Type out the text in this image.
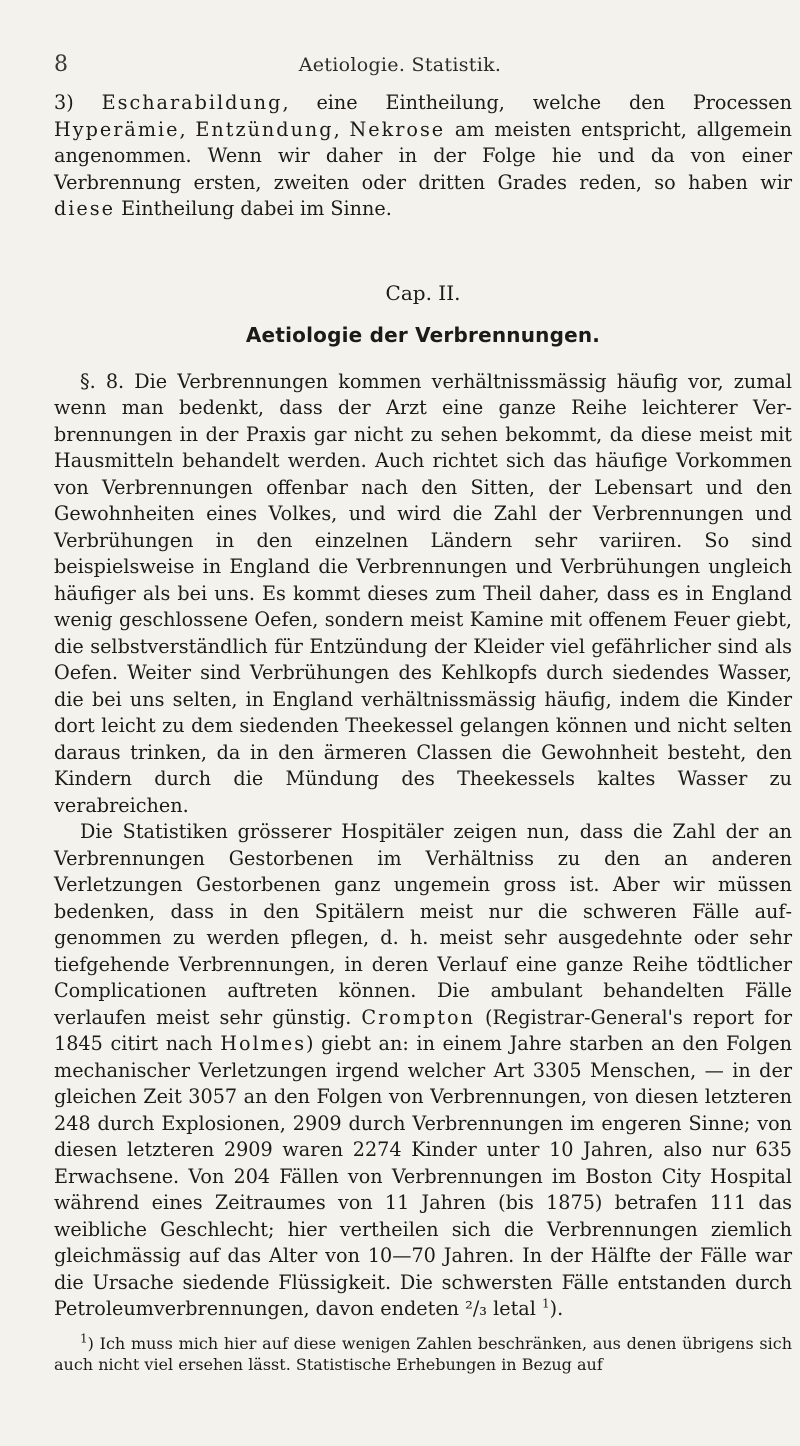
8	Aetiologie. Statistik.

3) Escharabildung, eine Eintheilung, welche den Processen Hyperämie, Entzündung, Nekrose am meisten entspricht, allgemein angenommen. Wenn wir daher in der Folge hie und da von einer Verbrennung ersten, zweiten oder dritten Grades reden, so haben wir diese Eintheilung dabei im Sinne.

Cap. II.
Aetiologie der Verbrennungen.

§. 8. Die Verbrennungen kommen verhältnissmässig häufig vor, zumal wenn man bedenkt, dass der Arzt eine ganze Reihe leichterer Verbrennungen in der Praxis gar nicht zu sehen bekommt, da diese meist mit Hausmitteln behandelt werden. Auch richtet sich das häufige Vorkommen von Verbrennungen offenbar nach den Sitten, der Lebensart und den Gewohnheiten eines Volkes, und wird die Zahl der Verbrennungen und Verbrühungen in den einzelnen Ländern sehr variiren. So sind beispielsweise in England die Verbrennungen und Verbrühungen ungleich häufiger als bei uns. Es kommt dieses zum Theil daher, dass es in England wenig geschlossene Oefen, sondern meist Kamine mit offenem Feuer giebt, die selbstverständlich für Entzündung der Kleider viel gefährlicher sind als Oefen. Weiter sind Verbrühungen des Kehlkopfs durch siedendes Wasser, die bei uns selten, in England verhältnissmässig häufig, indem die Kinder dort leicht zu dem siedenden Theekessel gelangen können und nicht selten daraus trinken, da in den ärmeren Classen die Gewohnheit besteht, den Kindern durch die Mündung des Theekessels kaltes Wasser zu verabreichen.

Die Statistiken grösserer Hospitäler zeigen nun, dass die Zahl der an Verbrennungen Gestorbenen im Verhältniss zu den an anderen Verletzungen Gestorbenen ganz ungemein gross ist. Aber wir müssen bedenken, dass in den Spitälern meist nur die schweren Fälle aufgenommen zu werden pflegen, d. h. meist sehr ausgedehnte oder sehr tiefgehende Verbrennungen, in deren Verlauf eine ganze Reihe tödtlicher Complicationen auftreten können. Die ambulant behandelten Fälle verlaufen meist sehr günstig. Crompton (Registrar-General's report for 1845 citirt nach Holmes) giebt an: in einem Jahre starben an den Folgen mechanischer Verletzungen irgend welcher Art 3305 Menschen, — in der gleichen Zeit 3057 an den Folgen von Verbrennungen, von diesen letzteren 248 durch Explosionen, 2909 durch Verbrennungen im engeren Sinne; von diesen letzteren 2909 waren 2274 Kinder unter 10 Jahren, also nur 635 Erwachsene. Von 204 Fällen von Verbrennungen im Boston City Hospital während eines Zeitraumes von 11 Jahren (bis 1875) betrafen 111 das weibliche Geschlecht; hier vertheilen sich die Verbrennungen ziemlich gleichmässig auf das Alter von 10—70 Jahren. In der Hälfte der Fälle war die Ursache siedende Flüssigkeit. Die schwersten Fälle entstanden durch Petroleumverbrennungen, davon endeten ²/₃ letal $^1$).

$^1$) Ich muss mich hier auf diese wenigen Zahlen beschränken, aus denen übrigens sich auch nicht viel ersehen lässt. Statistische Erhebungen in Bezug auf
